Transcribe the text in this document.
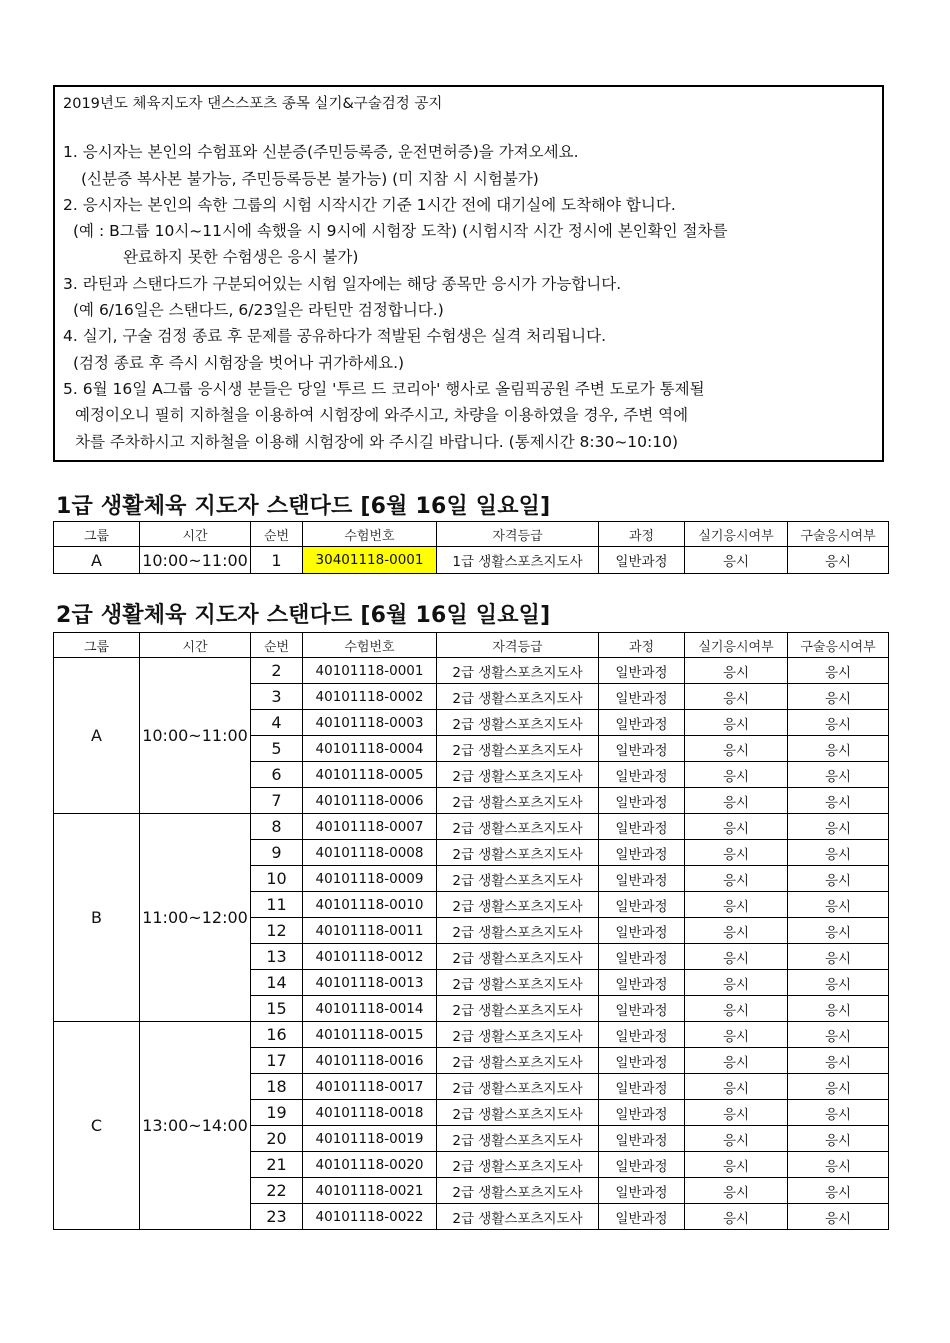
2019년도 체육지도자 댄스스포츠 종목 실기&구술검정 공지
1. 응시자는 본인의 수험표와 신분증(주민등록증, 운전면허증)을 가져오세요.
(신분증 복사본 불가능, 주민등록등본 불가능) (미 지참 시 시험불가)
2. 응시자는 본인의 속한 그룹의 시험 시작시간 기준 1시간 전에 대기실에 도착해야 합니다.
(예 : B그룹 10시~11시에 속했을 시 9시에 시험장 도착) (시험시작 시간 정시에 본인확인 절차를
완료하지 못한 수험생은 응시 불가)
3. 라틴과 스탠다드가 구분되어있는 시험 일자에는 해당 종목만 응시가 가능합니다.
(예 6/16일은 스탠다드, 6/23일은 라틴만 검정합니다.)
4. 실기, 구술 검정 종료 후 문제를 공유하다가 적발된 수험생은 실격 처리됩니다.
(검정 종료 후 즉시 시험장을 벗어나 귀가하세요.)
5. 6월 16일 A그룹 응시생 분들은 당일 '투르 드 코리아' 행사로 올림픽공원 주변 도로가 통제될
예정이오니 필히 지하철을 이용하여 시험장에 와주시고, 차량을 이용하였을 경우, 주변 역에
차를 주차하시고 지하철을 이용해 시험장에 와 주시길 바랍니다. (통제시간 8:30~10:10)
1급 생활체육 지도자 스탠다드 [6월 16일 일요일]
그룹	시간	순번	수험번호	자격등급	과정	실기응시여부	구술응시여부
A	10:00~11:00	1	30401118-0001	1급 생활스포츠지도사	일반과정	응시	응시
2급 생활체육 지도자 스탠다드 [6월 16일 일요일]
그룹	시간	순번	수험번호	자격등급	과정	실기응시여부	구술응시여부
A	10:00~11:00	2	40101118-0001	2급 생활스포츠지도사	일반과정	응시	응시
		3	40101118-0002	2급 생활스포츠지도사	일반과정	응시	응시
		4	40101118-0003	2급 생활스포츠지도사	일반과정	응시	응시
		5	40101118-0004	2급 생활스포츠지도사	일반과정	응시	응시
		6	40101118-0005	2급 생활스포츠지도사	일반과정	응시	응시
		7	40101118-0006	2급 생활스포츠지도사	일반과정	응시	응시
B	11:00~12:00	8	40101118-0007	2급 생활스포츠지도사	일반과정	응시	응시
		9	40101118-0008	2급 생활스포츠지도사	일반과정	응시	응시
		10	40101118-0009	2급 생활스포츠지도사	일반과정	응시	응시
		11	40101118-0010	2급 생활스포츠지도사	일반과정	응시	응시
		12	40101118-0011	2급 생활스포츠지도사	일반과정	응시	응시
		13	40101118-0012	2급 생활스포츠지도사	일반과정	응시	응시
		14	40101118-0013	2급 생활스포츠지도사	일반과정	응시	응시
		15	40101118-0014	2급 생활스포츠지도사	일반과정	응시	응시
C	13:00~14:00	16	40101118-0015	2급 생활스포츠지도사	일반과정	응시	응시
		17	40101118-0016	2급 생활스포츠지도사	일반과정	응시	응시
		18	40101118-0017	2급 생활스포츠지도사	일반과정	응시	응시
		19	40101118-0018	2급 생활스포츠지도사	일반과정	응시	응시
		20	40101118-0019	2급 생활스포츠지도사	일반과정	응시	응시
		21	40101118-0020	2급 생활스포츠지도사	일반과정	응시	응시
		22	40101118-0021	2급 생활스포츠지도사	일반과정	응시	응시
		23	40101118-0022	2급 생활스포츠지도사	일반과정	응시	응시
